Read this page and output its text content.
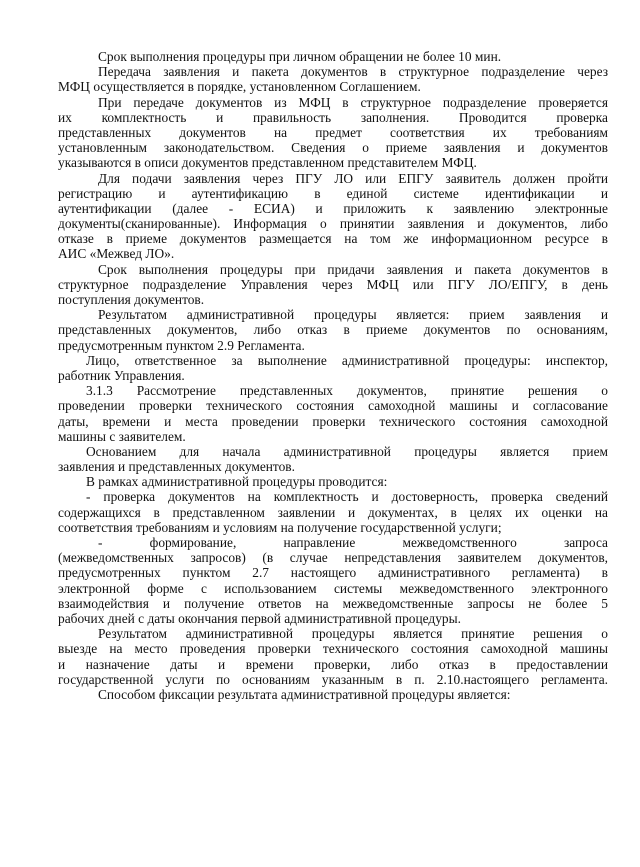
Срок выполнения процедуры при личном обращении не более 10 мин.
Передача заявления и пакета документов в структурное подразделение через
МФЦ осуществляется в порядке, установленном Соглашением.
При передаче документов из МФЦ в структурное подразделение проверяется
их комплектность и правильность заполнения. Проводится проверка
представленных документов на предмет соответствия их требованиям
установленным законодательством. Сведения о приеме заявления и документов
указываются в описи документов представленном представителем МФЦ.
Для подачи заявления через ПГУ ЛО или ЕПГУ заявитель должен пройти
регистрацию и аутентификацию в единой системе идентификации и
аутентификации (далее - ЕСИА) и приложить к заявлению электронные
документы(сканированные). Информация о принятии заявления и документов, либо
отказе в приеме документов размещается на том же информационном ресурсе в
АИС «Межвед ЛО».
Срок выполнения процедуры при придачи заявления и пакета документов в
структурное подразделение Управления через МФЦ или ПГУ ЛО/ЕПГУ, в день
поступления документов.
Результатом административной процедуры является: прием заявления и
представленных документов, либо отказ в приеме документов по основаниям,
предусмотренным пунктом 2.9 Регламента.
Лицо, ответственное за выполнение административной процедуры: инспектор,
работник Управления.
3.1.3 Рассмотрение представленных документов, принятие решения о
проведении проверки технического состояния самоходной машины и согласование
даты, времени и места проведении проверки технического состояния самоходной
машины с заявителем.
Основанием для начала административной процедуры является прием
заявления и представленных документов.
В рамках административной процедуры проводится:
- проверка документов на комплектность и достоверность, проверка сведений
содержащихся в представленном заявлении и документах, в целях их оценки на
соответствия требованиям и условиям на получение государственной услуги;
- формирование, направление межведомственного запроса
(межведомственных запросов) (в случае непредставления заявителем документов,
предусмотренных пунктом 2.7 настоящего административного регламента) в
электронной форме с использованием системы межведомственного электронного
взаимодействия и получение ответов на межведомственные запросы не более 5
рабочих дней с даты окончания первой административной процедуры.
Результатом административной процедуры является принятие решения о
выезде на место проведения проверки технического состояния самоходной машины
и назначение даты и времени проверки, либо отказ в предоставлении
государственной услуги по основаниям указанным в п. 2.10.настоящего регламента.
Способом фиксации результата административной процедуры является:
